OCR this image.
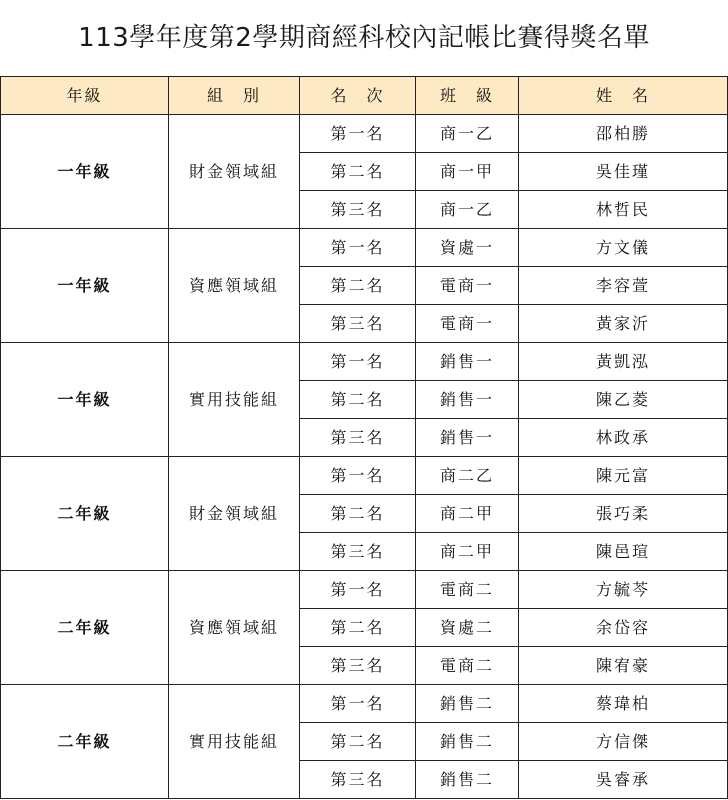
113學年度第2學期商經科校內記帳比賽得獎名單
年級	組　別	名　次	班　級	姓　名
一年級	財金領域組	第一名	商一乙	邵柏勝
		第二名	商一甲	吳佳瑾
		第三名	商一乙	林哲民
一年級	資應領域組	第一名	資處一	方文儀
		第二名	電商一	李容萱
		第三名	電商一	黃家沂
一年級	實用技能組	第一名	銷售一	黃凱泓
		第二名	銷售一	陳乙菱
		第三名	銷售一	林政承
二年級	財金領域組	第一名	商二乙	陳元富
		第二名	商二甲	張巧柔
		第三名	商二甲	陳邑瑄
二年級	資應領域組	第一名	電商二	方毓芩
		第二名	資處二	余岱容
		第三名	電商二	陳宥豪
二年級	實用技能組	第一名	銷售二	蔡瑋柏
		第二名	銷售二	方信傑
		第三名	銷售二	吳睿承
